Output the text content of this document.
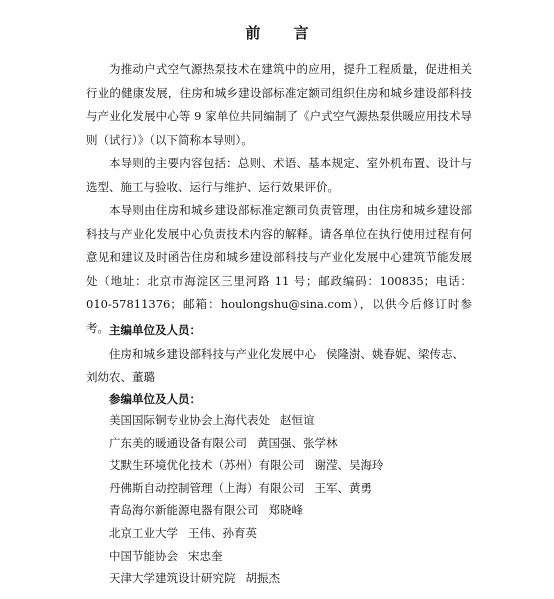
前 言

为推动户式空气源热泵技术在建筑中的应用，提升工程质量，促进相关行业的健康发展，住房和城乡建设部标准定额司组织住房和城乡建设部科技与产业化发展中心等 9 家单位共同编制了《户式空气源热泵供暖应用技术导则（试行）》（以下简称本导则）。

本导则的主要内容包括：总则、术语、基本规定、室外机布置、设计与选型、施工与验收、运行与维护、运行效果评价。

本导则由住房和城乡建设部标准定额司负责管理，由住房和城乡建设部科技与产业化发展中心负责技术内容的解释。请各单位在执行使用过程有何意见和建议及时函告住房和城乡建设部科技与产业化发展中心建筑节能发展处（地址：北京市海淀区三里河路 11 号；邮政编码：100835；电话：010-57811376；邮箱：houlongshu@sina.com），以供今后修订时参考。 主编单位及人员：

住房和城乡建设部科技与产业化发展中心 侯隆澍、姚春妮、梁传志、刘幼农、董璐

参编单位及人员：
美国国际铜专业协会上海代表处 赵恒谊
广东美的暖通设备有限公司 黄国强、张学林
艾默生环境优化技术（苏州）有限公司 谢滢、吴海玲
丹佛斯自动控制管理（上海）有限公司 王军、黄勇
青岛海尔新能源电器有限公司 郑晓峰
北京工业大学 王伟、孙育英
中国节能协会 宋忠奎
天津大学建筑设计研究院 胡振杰
